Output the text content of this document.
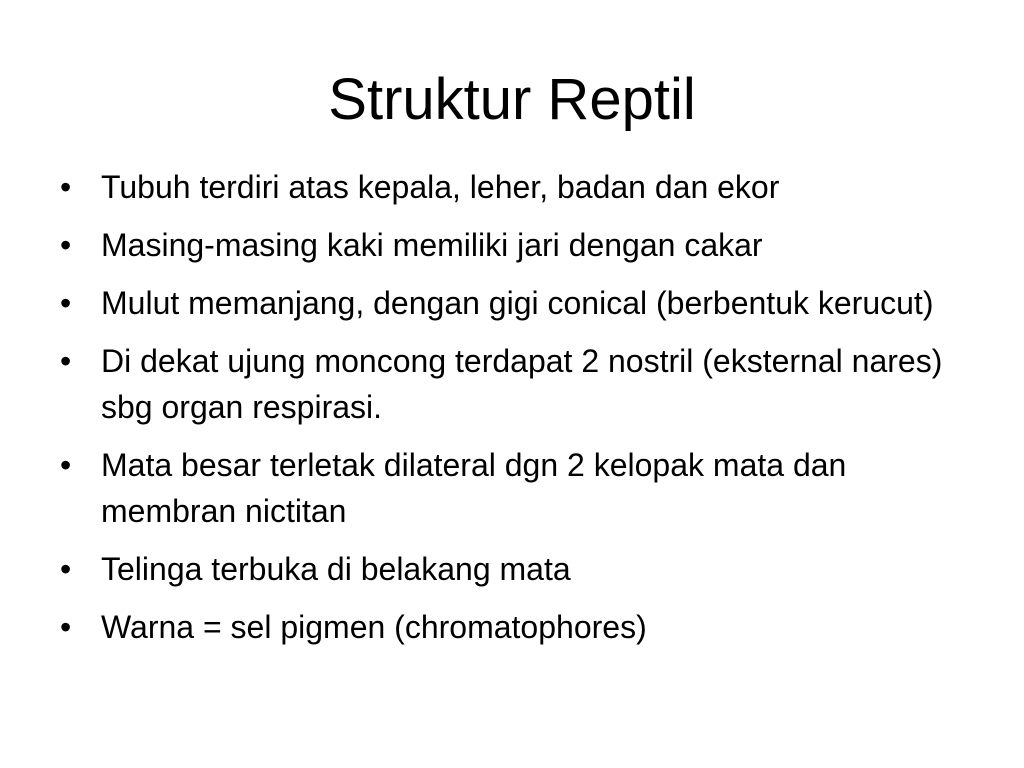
Struktur Reptil
• Tubuh terdiri atas kepala, leher, badan dan ekor
• Masing-masing kaki memiliki jari dengan cakar
• Mulut memanjang, dengan gigi conical (berbentuk kerucut)
• Di dekat ujung moncong terdapat 2 nostril (eksternal nares) sbg organ respirasi.
• Mata besar terletak dilateral dgn 2 kelopak mata dan membran nictitan
• Telinga terbuka di belakang mata
• Warna = sel pigmen (chromatophores)
